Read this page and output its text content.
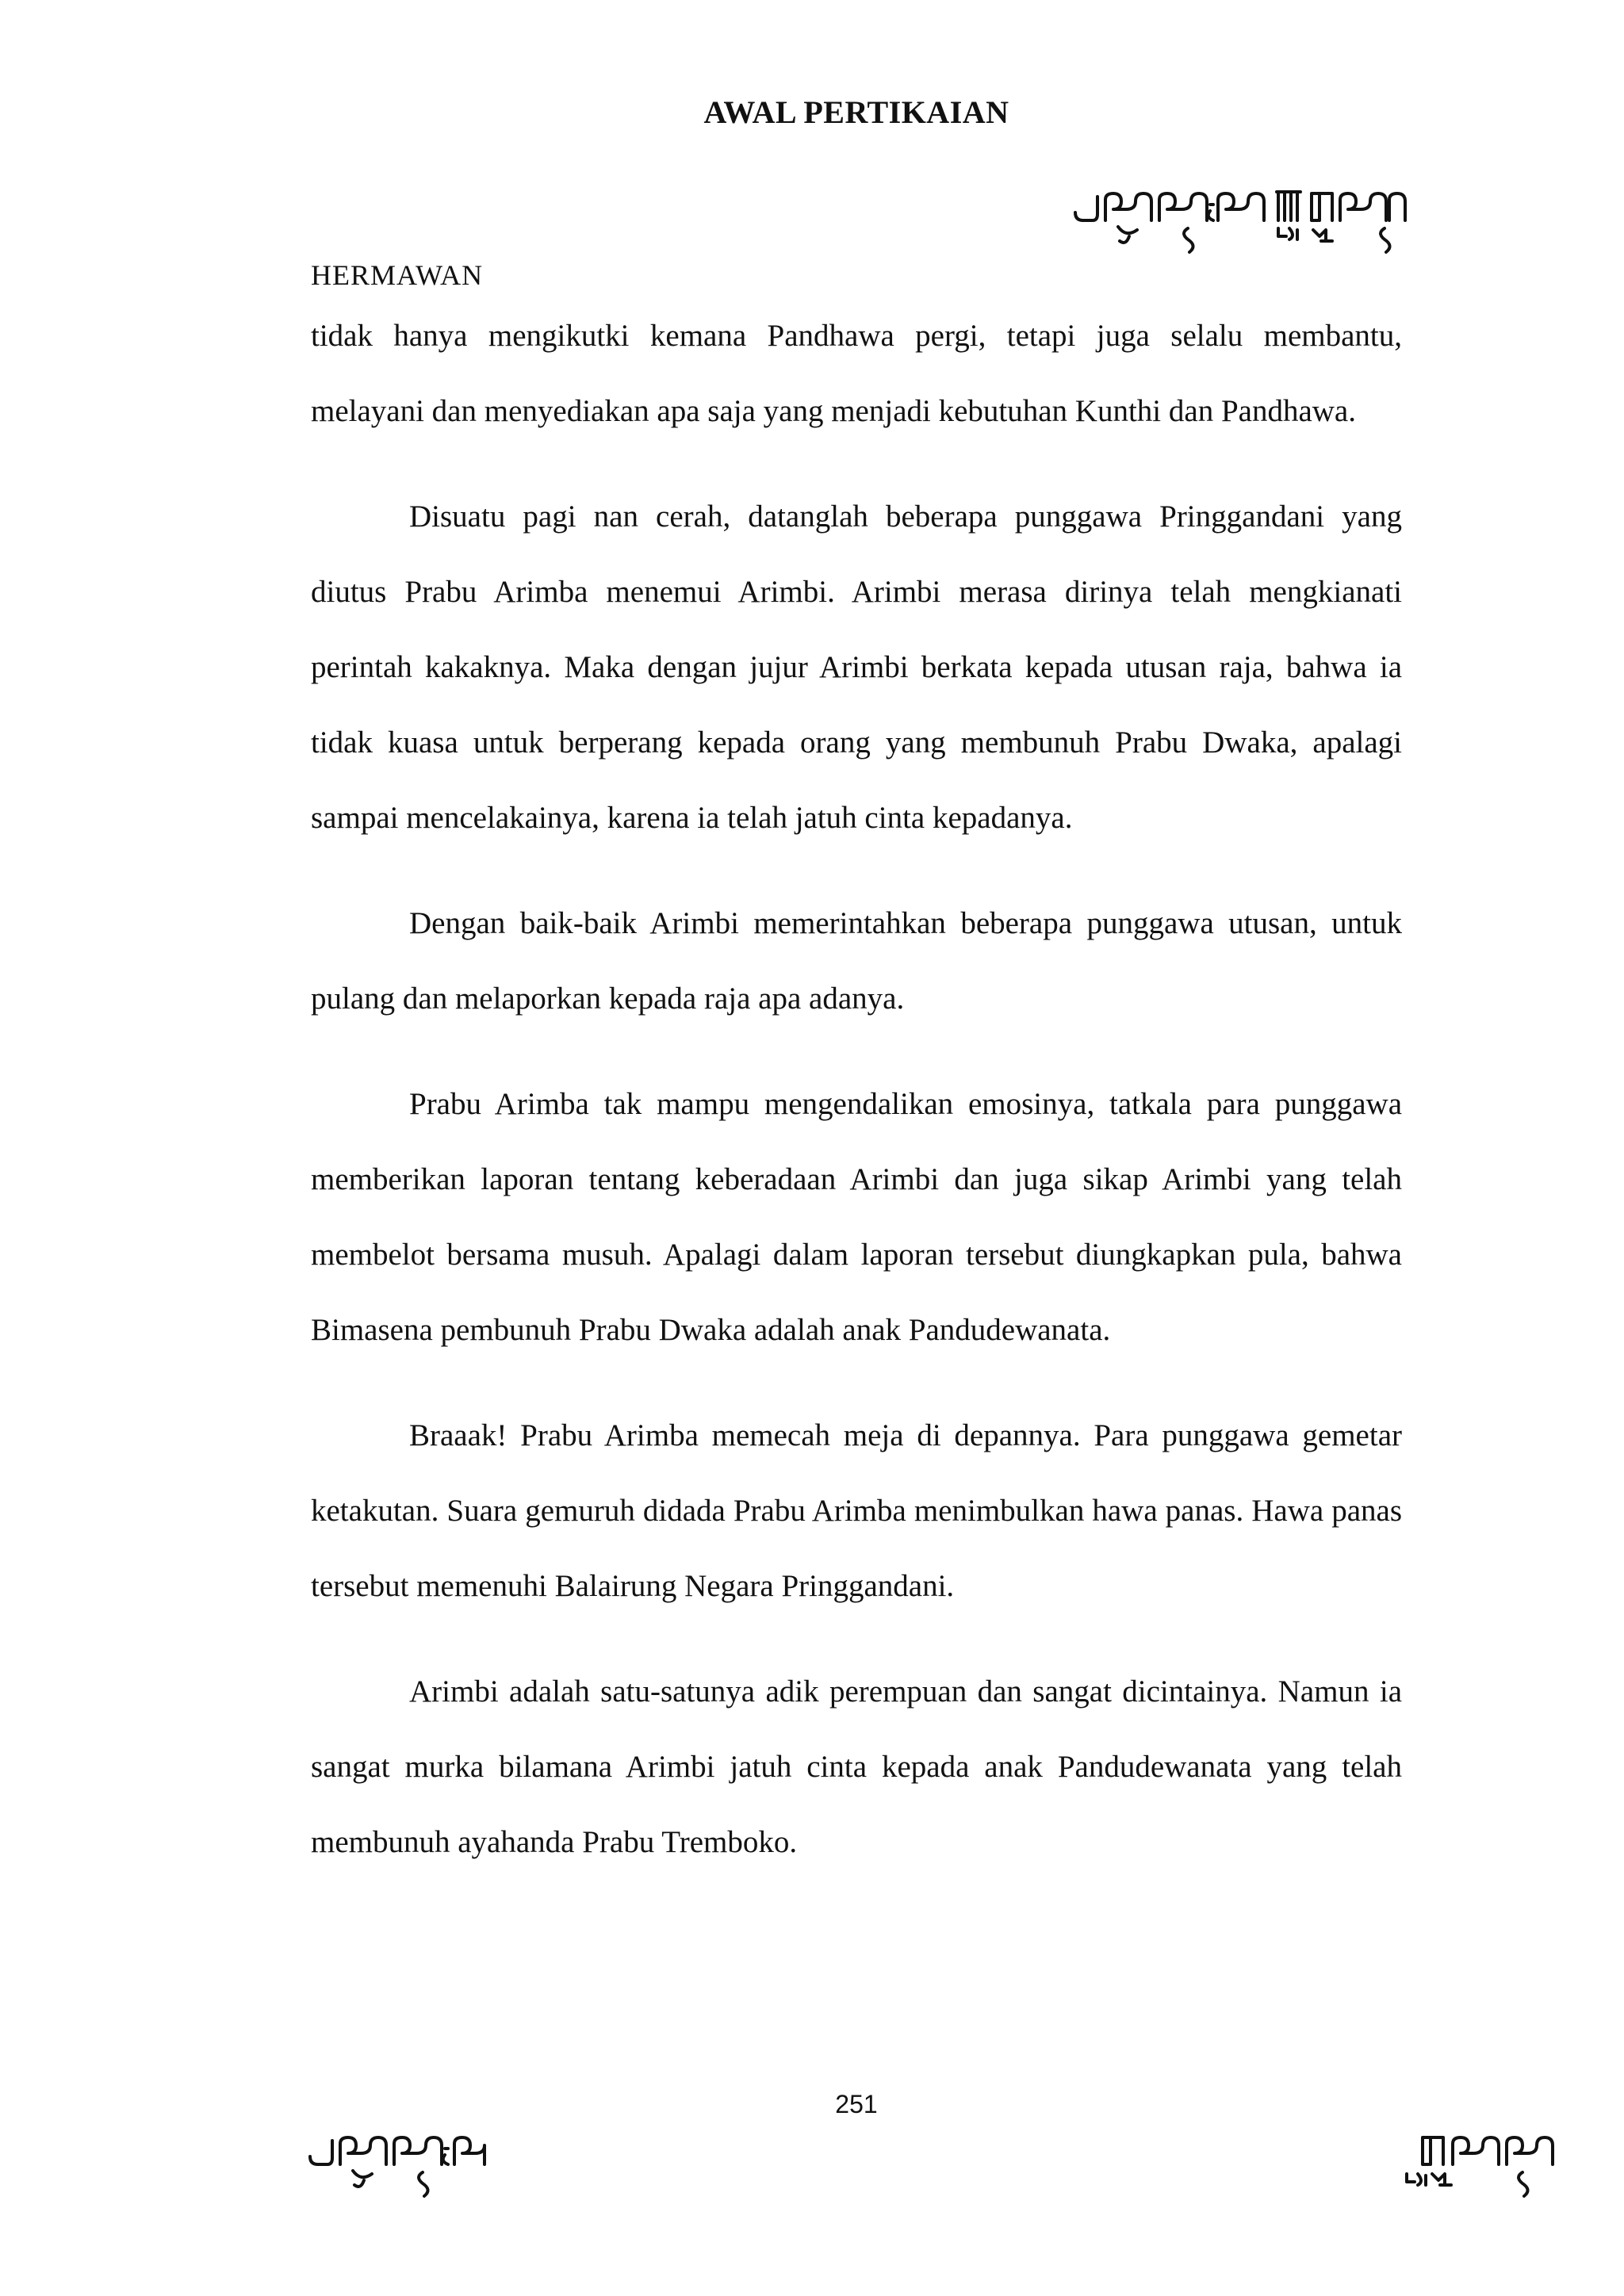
AWAL PERTIKAIAN
HERMAWAN

tidak hanya mengikutki kemana Pandhawa pergi, tetapi juga selalu membantu, melayani dan menyediakan apa saja yang menjadi kebutuhan Kunthi dan Pandhawa.

Disuatu pagi nan cerah, datanglah beberapa punggawa Pringgandani yang diutus Prabu Arimba menemui Arimbi. Arimbi merasa dirinya telah mengkianati perintah kakaknya. Maka dengan jujur Arimbi berkata kepada utusan raja, bahwa ia tidak kuasa untuk berperang kepada orang yang membunuh Prabu Dwaka, apalagi sampai mencelakainya, karena ia telah jatuh cinta kepadanya.

Dengan baik-baik Arimbi memerintahkan beberapa punggawa utusan, untuk pulang dan melaporkan kepada raja apa adanya.

Prabu Arimba tak mampu mengendalikan emosinya, tatkala para punggawa memberikan laporan tentang keberadaan Arimbi dan juga sikap Arimbi yang telah membelot bersama musuh. Apalagi dalam laporan tersebut diungkapkan pula, bahwa Bimasena pembunuh Prabu Dwaka adalah anak Pandudewanata.

Braaak! Prabu Arimba memecah meja di depannya. Para punggawa gemetar ketakutan. Suara gemuruh didada Prabu Arimba menimbulkan hawa panas. Hawa panas tersebut memenuhi Balairung Negara Pringgandani.

Arimbi adalah satu-satunya adik perempuan dan sangat dicintainya. Namun ia sangat murka bilamana Arimbi jatuh cinta kepada anak Pandudewanata yang telah membunuh ayahanda Prabu Tremboko.

251
